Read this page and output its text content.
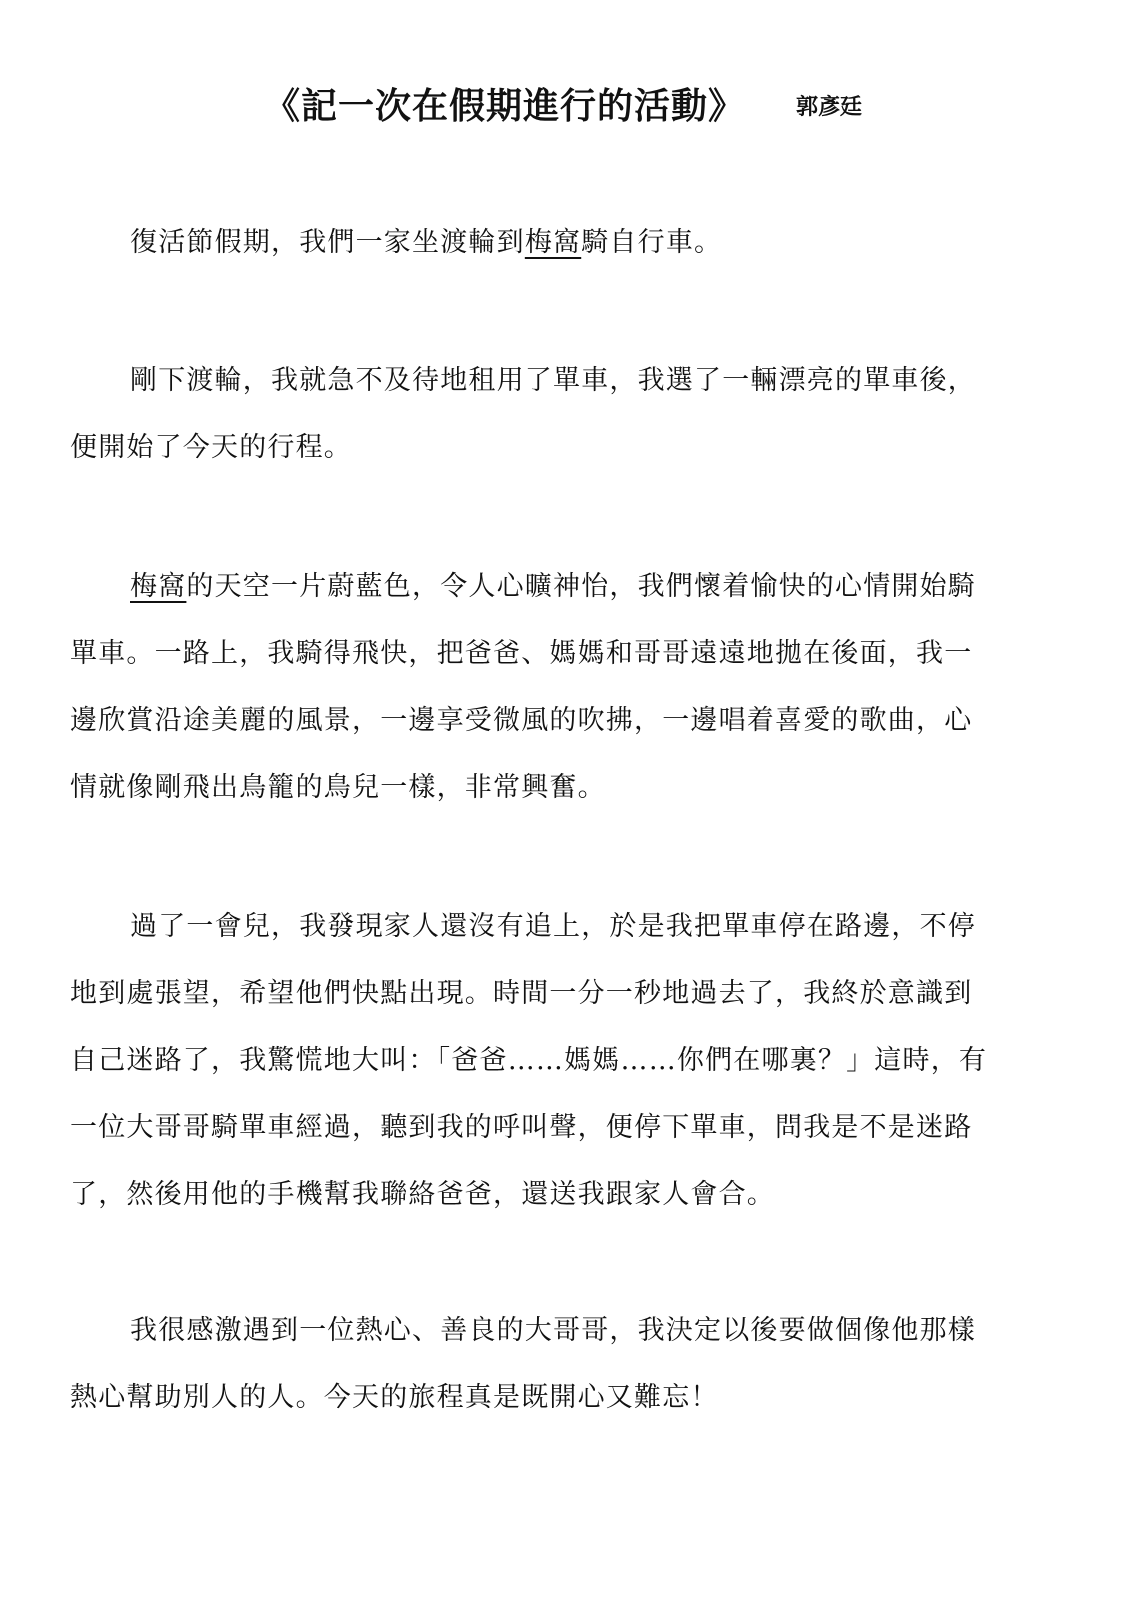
《記一次在假期進行的活動》 郭彥廷
復活節假期，我們一家坐渡輪到梅窩騎自行車。
剛下渡輪，我就急不及待地租用了單車，我選了一輛漂亮的單車後，
便開始了今天的行程。
梅窩的天空一片蔚藍色，令人心曠神怡，我們懷着愉快的心情開始騎
單車。一路上，我騎得飛快，把爸爸、媽媽和哥哥遠遠地拋在後面，我一
邊欣賞沿途美麗的風景，一邊享受微風的吹拂，一邊唱着喜愛的歌曲，心
情就像剛飛出鳥籠的鳥兒一樣，非常興奮。
過了一會兒，我發現家人還沒有追上，於是我把單車停在路邊，不停
地到處張望，希望他們快點出現。時間一分一秒地過去了，我終於意識到
自己迷路了，我驚慌地大叫：「爸爸……媽媽……你們在哪裏？」這時，有
一位大哥哥騎單車經過，聽到我的呼叫聲，便停下單車，問我是不是迷路
了，然後用他的手機幫我聯絡爸爸，還送我跟家人會合。
我很感激遇到一位熱心、善良的大哥哥，我決定以後要做個像他那樣
熱心幫助別人的人。今天的旅程真是既開心又難忘！
